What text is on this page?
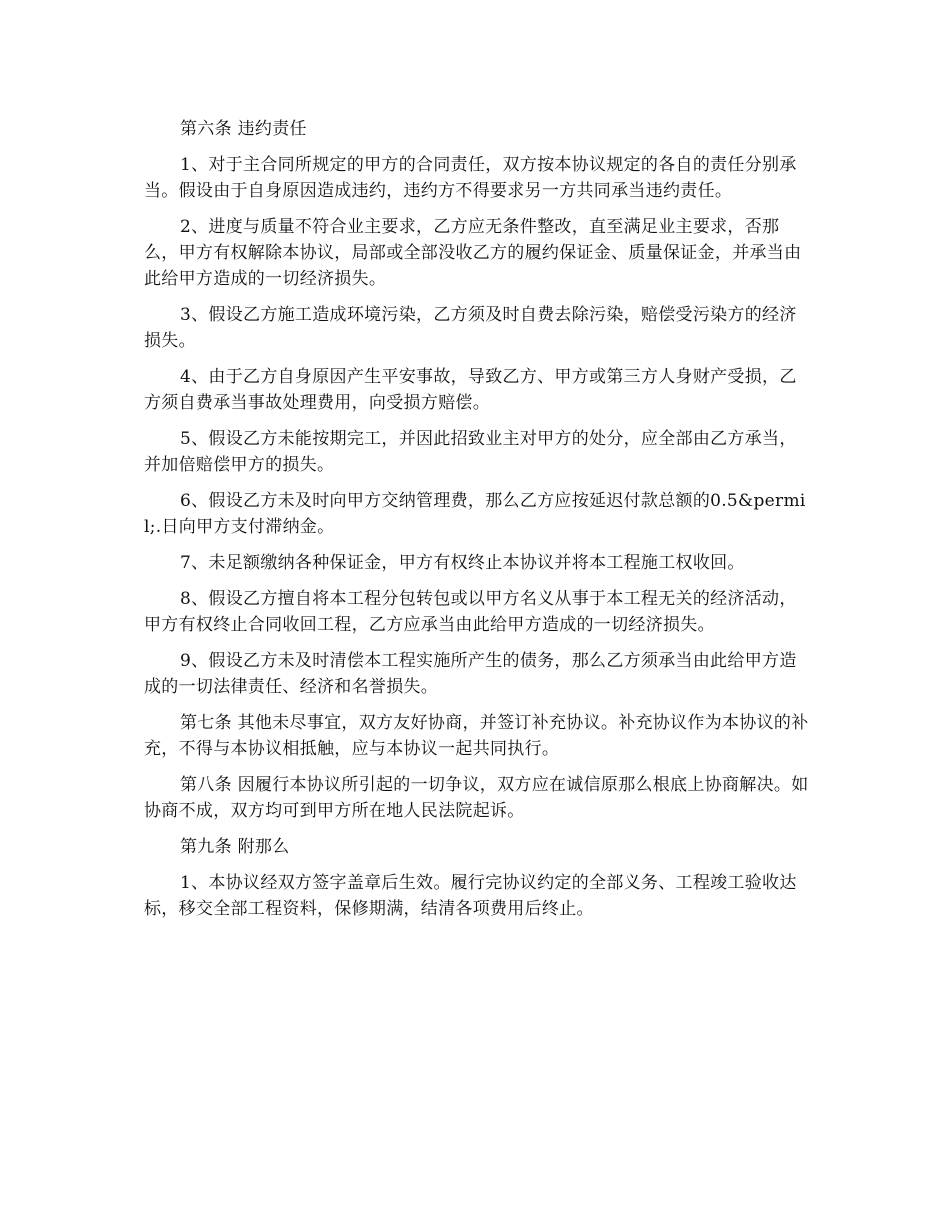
第六条 违约责任

1、对于主合同所规定的甲方的合同责任，双方按本协议规定的各自的责任分别承当。假设由于自身原因造成违约，违约方不得要求另一方共同承当违约责任。

2、进度与质量不符合业主要求，乙方应无条件整改，直至满足业主要求，否那么，甲方有权解除本协议，局部或全部没收乙方的履约保证金、质量保证金，并承当由此给甲方造成的一切经济损失。

3、假设乙方施工造成环境污染，乙方须及时自费去除污染，赔偿受污染方的经济损失。

4、由于乙方自身原因产生平安事故，导致乙方、甲方或第三方人身财产受损，乙方须自费承当事故处理费用，向受损方赔偿。

5、假设乙方未能按期完工，并因此招致业主对甲方的处分，应全部由乙方承当，并加倍赔偿甲方的损失。

6、假设乙方未及时向甲方交纳管理费，那么乙方应按延迟付款总额的0.5&permil;.日向甲方支付滞纳金。

7、未足额缴纳各种保证金，甲方有权终止本协议并将本工程施工权收回。

8、假设乙方擅自将本工程分包转包或以甲方名义从事于本工程无关的经济活动，甲方有权终止合同收回工程，乙方应承当由此给甲方造成的一切经济损失。

9、假设乙方未及时清偿本工程实施所产生的债务，那么乙方须承当由此给甲方造成的一切法律责任、经济和名誉损失。

第七条 其他未尽事宜，双方友好协商，并签订补充协议。补充协议作为本协议的补充，不得与本协议相抵触，应与本协议一起共同执行。

第八条 因履行本协议所引起的一切争议，双方应在诚信原那么根底上协商解决。如协商不成，双方均可到甲方所在地人民法院起诉。

第九条 附那么

1、本协议经双方签字盖章后生效。履行完协议约定的全部义务、工程竣工验收达标，移交全部工程资料，保修期满，结清各项费用后终止。
